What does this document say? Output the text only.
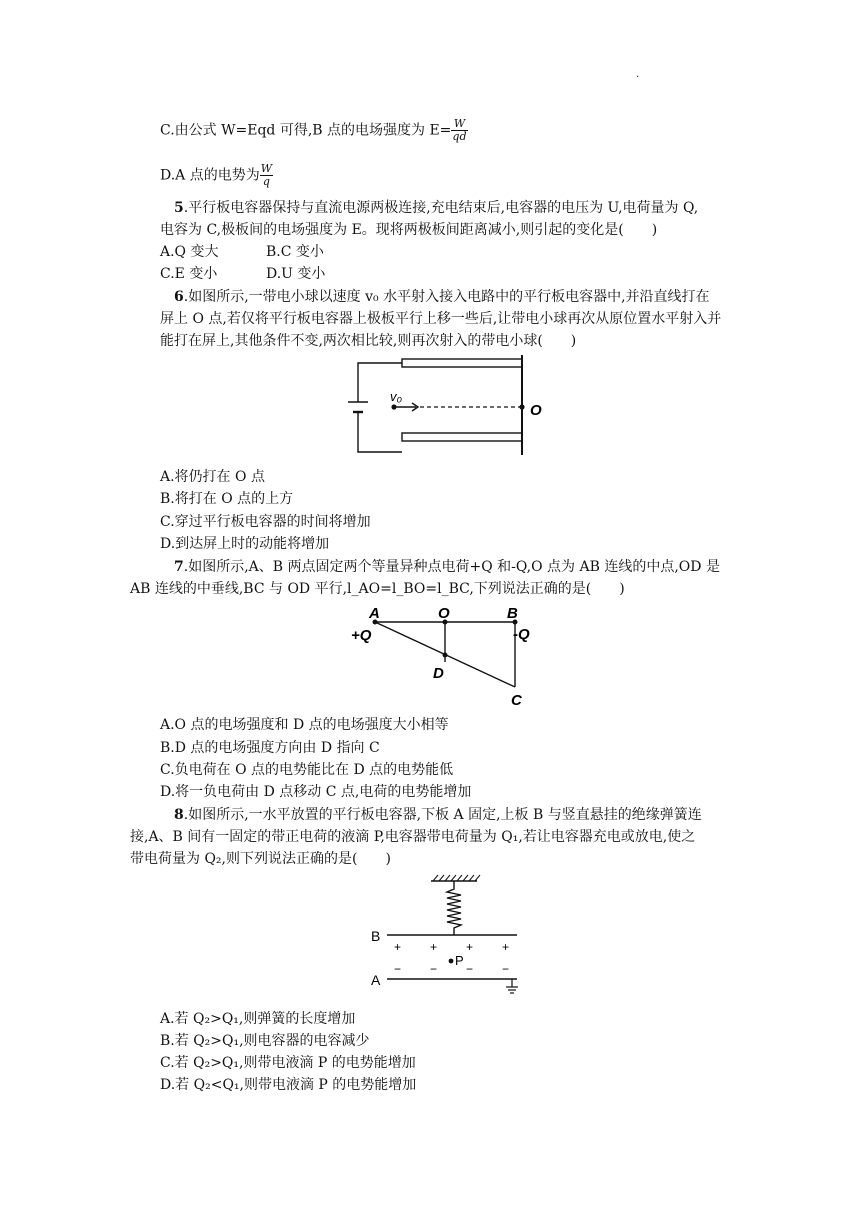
.
C.由公式 W=Eqd 可得,B 点的电场强度为 $E= \frac{W}{qd}$
D.A 点的电势为 $\frac{W}{q}$
5.平行板电容器保持与直流电源两极连接,充电结束后,电容器的电压为 U,电荷量为 Q,
电容为 C,极板间的电场强度为 E。现将两极板间距离减小,则引起的变化是(　　)
A.Q 变大	B.C 变小
C.E 变小	D.U 变小
6.如图所示,一带电小球以速度 v₀ 水平射入接入电路中的平行板电容器中,并沿直线打在
屏上 O 点,若仅将平行板电容器上极板平行上移一些后,让带电小球再次从原位置水平射入并
能打在屏上,其他条件不变,两次相比较,则再次射入的带电小球(　　)
v₀
O
A.将仍打在 O 点
B.将打在 O 点的上方
C.穿过平行板电容器的时间将增加
D.到达屏上时的动能将增加
7.如图所示,A、B 两点固定两个等量异种点电荷+Q 和-Q,O 点为 AB 连线的中点,OD 是
AB 连线的中垂线,BC 与 OD 平行,l_AO=l_BO=l_BC,下列说法正确的是(　　)
A	O	B
+Q	-Q
D
C
A.O 点的电场强度和 D 点的电场强度大小相等
B.D 点的电场强度方向由 D 指向 C
C.负电荷在 O 点的电势能比在 D 点的电势能低
D.将一负电荷由 D 点移动 C 点,电荷的电势能增加
8.如图所示,一水平放置的平行板电容器,下板 A 固定,上板 B 与竖直悬挂的绝缘弹簧连
接,A、B 间有一固定的带正电荷的液滴 P,电容器带电荷量为 Q₁,若让电容器充电或放电,使之
带电荷量为 Q₂,则下列说法正确的是(　　)
B
+ + + +
P
− − − −
A
A.若 Q₂>Q₁,则弹簧的长度增加
B.若 Q₂>Q₁,则电容器的电容减少
C.若 Q₂>Q₁,则带电液滴 P 的电势能增加
D.若 Q₂<Q₁,则带电液滴 P 的电势能增加
